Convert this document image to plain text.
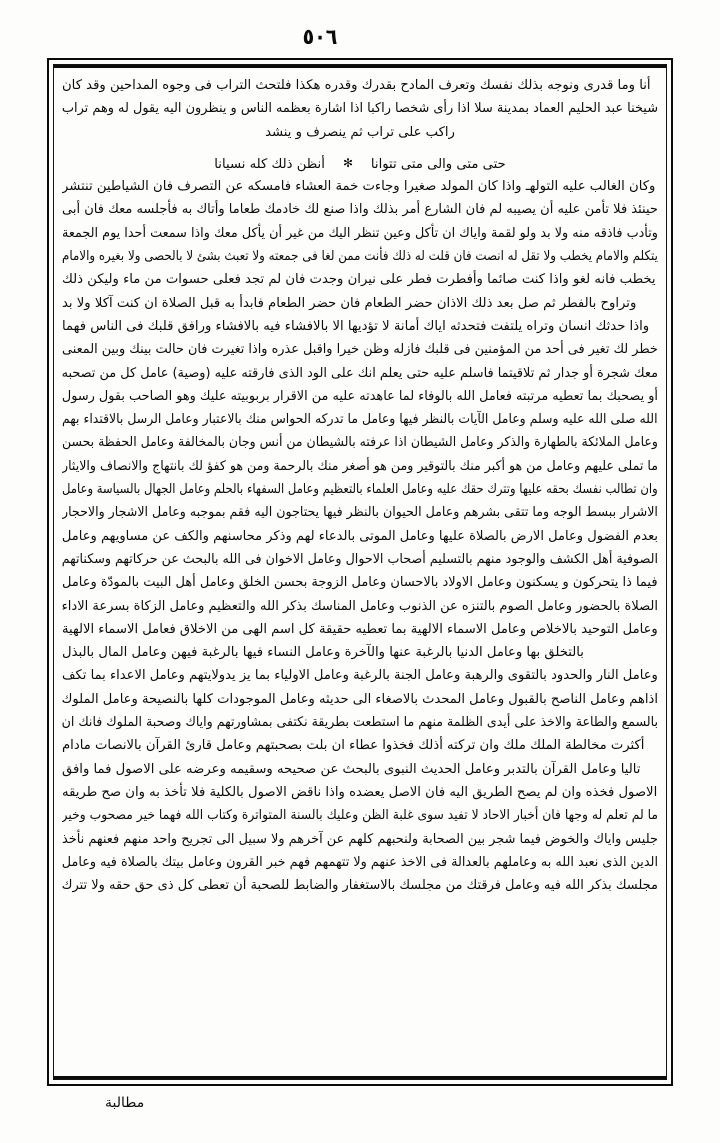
٥٠٦
أنا وما قدرى ونوجه بذلك نفسك وتعرف المادح بقدرك وقدره هكذا فلتحث التراب فى وجوه المداحين وقد كان
شيخنا عبد الحليم العماد بمدينة سلا اذا رأى شخصا راكبا اذا اشارة بعظمه الناس و ينظرون اليه يقول له وهم تراب
راكب على تراب ثم ينصرف و ينشد
حتى متى والى متى تتوانا ✻ أنظن ذلك كله نسيانا
وكان الغالب عليه التولهـ واذا كان المولد صغيرا وجاءت خمة العشاء فامسكه عن التصرف فان الشياطين تنتشر
حينئذ فلا تأمن عليه أن يصيبه لم فان الشارع أمر بذلك واذا صنع لك خادمك طعاما وأتاك به فأجلسه معك فان أبى
وتأدب فاذقه منه ولا بد ولو لقمة واياك ان تأكل وعين تنظر اليك من غير أن يأكل معك واذا سمعت أحدا يوم الجمعة
يتكلم والامام يخطب ولا تقل له انصت فان قلت له ذلك فأنت ممن لغا فى جمعته ولا تعبث بشئ لا بالحصى ولا بغيره والامام
يخطب فانه لغو واذا كنت صائما وأفطرت فطر على نيران وجدت فان لم تجد فعلى حسوات من ماء وليكن ذلك
وتراوح بالفطر ثم صل بعد ذلك الاذان حضر الطعام فان حضر الطعام فابدأ به قبل الصلاة ان كنت آكلا ولا بد
واذا حدثك انسان وتراه يلتفت فتحدثه اياك أمانة لا تؤديها الا بالافشاء فيه بالافشاء ورافق قلبك فى الناس فهما
خطر لك تغير فى أحد من المؤمنين فى قلبك فازله وظن خيرا واقبل عذره واذا تغيرت فان حالت بينك وبين المعنى
معك شجرة أو جدار ثم تلاقيتما فاسلم عليه حتى يعلم انك على الود الذى فارقته عليه (وصية) عامل كل من تصحبه
أو يصحبك بما تعطيه مرتبته فعامل الله بالوفاء لما عاهدته عليه من الاقرار بربوبيته عليك وهو الصاحب بقول رسول
الله صلى الله عليه وسلم وعامل الآيات بالنظر فيها وعامل ما تدركه الحواس منك بالاعتبار وعامل الرسل بالاقتداء بهم
وعامل الملائكة بالطهارة والذكر وعامل الشيطان اذا عرفته بالشيطان من أنس وجان بالمخالفة وعامل الحفظة بحسن
ما تملى عليهم وعامل من هو أكبر منك بالتوقير ومن هو أصغر منك بالرحمة ومن هو كفؤ لك بانتهاج والانصاف والايثار
وان تطالب نفسك بحقه عليها وتترك حقك عليه وعامل العلماء بالتعظيم وعامل السفهاء بالحلم وعامل الجهال بالسياسة وعامل
الاشرار ببسط الوجه وما تتقى بشرهم وعامل الحيوان بالنظر فيها يحتاجون اليه فقم بموجبه وعامل الاشجار والاحجار
بعدم الفضول وعامل الارض بالصلاة عليها وعامل الموتى بالدعاء لهم وذكر محاسنهم والكف عن مساويهم وعامل
الصوفية أهل الكشف والوجود منهم بالتسليم أصحاب الاحوال وعامل الاخوان فى الله بالبحث عن حركاتهم وسكناتهم
فيما ذا يتحركون و يسكنون وعامل الاولاد بالاحسان وعامل الزوجة بحسن الخلق وعامل أهل البيت بالمودّة وعامل
الصلاة بالحضور وعامل الصوم بالتنزه عن الذنوب وعامل المناسك بذكر الله والتعظيم وعامل الزكاة بسرعة الاداء
وعامل التوحيد بالاخلاص وعامل الاسماء الالهية بما تعطيه حقيقة كل اسم الهى من الاخلاق فعامل الاسماء الالهية
بالتخلق بها وعامل الدنيا بالرغبة عنها والآخرة وعامل النساء فيها بالرغبة فيهن وعامل المال بالبذل
وعامل النار والحدود بالتقوى والرهبة وعامل الجنة بالرغبة وعامل الاولياء بما يز يدولايتهم وعامل الاعداء بما تكف
اذاهم وعامل الناصح بالقبول وعامل المحدث بالاصغاء الى حديثه وعامل الموجودات كلها بالنصيحة وعامل الملوك
بالسمع والطاعة والاخذ على أيدى الظلمة منهم ما استطعت بطريقة نكتفى بمشاورتهم واياك وصحبة الملوك فانك ان
أكثرت مخالطة الملك ملك وان تركته أذلك فخذوا عطاء ان بلت بصحبتهم وعامل قارئ القرآن بالانصات مادام
تاليا وعامل القرآن بالتدبر وعامل الحديث النبوى بالبحث عن صحيحه وسقيمه وعرضه على الاصول فما وافق
الاصول فخذه وان لم يصح الطريق اليه فان الاصل يعضده واذا ناقض الاصول بالكلية فلا تأخذ به وان صح طريقه
ما لم تعلم له وجها فان أخبار الاحاد لا تفيد سوى غلبة الظن وعليك بالسنة المتواترة وكتاب الله فهما خير مصحوب وخير
جليس واياك والخوض فيما شجر بين الصحابة ولنحبهم كلهم عن آخرهم ولا سبيل الى تجريح واحد منهم فعنهم نأخذ
الدين الذى نعبد الله به وعاملهم بالعدالة فى الاخذ عنهم ولا تتهمهم فهم خبر القرون وعامل بيتك بالصلاة فيه وعامل
مجلسك بذكر الله فيه وعامل فرقتك من مجلسك بالاستغفار والضابط للصحبة أن تعطى كل ذى حق حقه ولا تترك
مطالبة
